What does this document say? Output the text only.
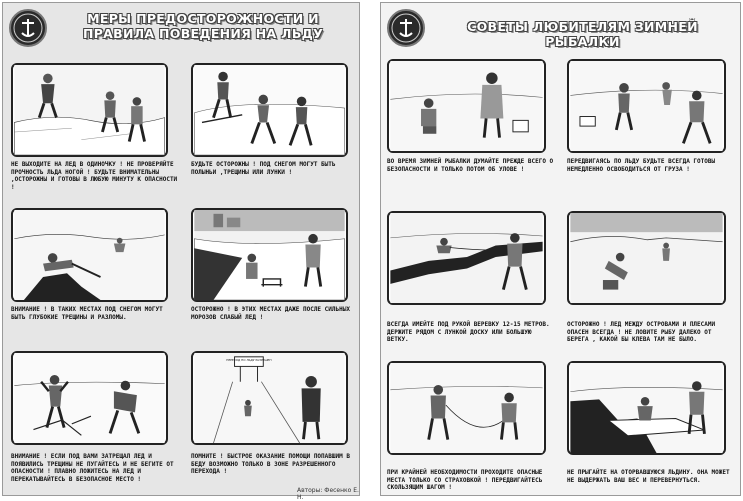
МЕРЫ ПРЕДОСТОРОЖНОСТИ И ПРАВИЛА ПОВЕДЕНИЯ НА ЛЬДУ
НЕ ВЫХОДИТЕ НА ЛЕД В ОДИНОЧКУ ! НЕ ПРОВЕРЯЙТЕ ПРОЧНОСТЬ ЛЬДА НОГОЙ ! БУДЬТЕ ВНИМАТЕЛЬНЫ ,ОСТОРОЖНЫ И ГОТОВЫ В ЛЮБУЮ МИНУТУ К ОПАСНОСТИ !
БУДЬТЕ ОСТОРОЖНЫ ! ПОД СНЕГОМ МОГУТ БЫТЬ ПОЛЫНЬИ ,ТРЕЩИНЫ ИЛИ ЛУНКИ !
ВНИМАНИЕ ! В ТАКИХ МЕСТАХ ПОД СНЕГОМ МОГУТ БЫТЬ ГЛУБОКИЕ ТРЕЩИНЫ И РАЗЛОМЫ.
ОСТОРОЖНО ! В ЭТИХ МЕСТАХ ДАЖЕ ПОСЛЕ СИЛЬНЫХ МОРОЗОВ СЛАБЫЙ ЛЕД !
ВНИМАНИЕ ! ЕСЛИ ПОД ВАМИ ЗАТРЕЩАЛ ЛЕД И ПОЯВИЛИСЬ ТРЕЩИНЫ НЕ ПУГАЙТЕСЬ И НЕ БЕГИТЕ ОТ ОПАСНОСТИ ! ПЛАВНО ЛОЖИТЕСЬ НА ЛЕД И ПЕРЕКАТЫВАЙТЕСЬ В БЕЗОПАСНОЕ МЕСТО !
ПЕРЕХОД ПО ЛЬДУ РАЗРЕШЕН
ПОМНИТЕ ! БЫСТРОЕ ОКАЗАНИЕ ПОМОЩИ ПОПАВШИМ В БЕДУ ВОЗМОЖНО ТОЛЬКО В ЗОНЕ РАЗРЕШЕННОГО ПЕРЕХОДА !
Авторы: Фесенко Е. Н.
СОВЕТЫ ЛЮБИТЕЛЯМ ЗИМНЕЙ РЫБАЛКИ
ВО ВРЕМЯ ЗИМНЕЙ РЫБАЛКИ ДУМАЙТЕ ПРЕЖДЕ ВСЕГО О БЕЗОПАСНОСТИ И ТОЛЬКО ПОТОМ ОБ УЛОВЕ !
ПЕРЕДВИГАЯСЬ ПО ЛЬДУ БУДЬТЕ ВСЕГДА ГОТОВЫ НЕМЕДЛЕННО ОСВОБОДИТЬСЯ ОТ ГРУЗА !
ВСЕГДА ИМЕЙТЕ ПОД РУКОЙ ВЕРЕВКУ 12-15 МЕТРОВ. ДЕРЖИТЕ РЯДОМ С ЛУНКОЙ ДОСКУ ИЛИ БОЛЬШУЮ ВЕТКУ.
ОСТОРОЖНО ! ЛЕД МЕЖДУ ОСТРОВАМИ И ПЛЕСАМИ ОПАСЕН ВСЕГДА ! НЕ ЛОВИТЕ РЫБУ ДАЛЕКО ОТ БЕРЕГА , КАКОЙ БЫ КЛЕВА ТАМ НЕ БЫЛО.
ПРИ КРАЙНЕЙ НЕОБХОДИМОСТИ ПРОХОДИТЕ ОПАСНЫЕ МЕСТА ТОЛЬКО СО СТРАХОВКОЙ ! ПЕРЕДВИГАЙТЕСЬ СКОЛЬЗЯЩИМ ШАГОМ !
НЕ ПРЫГАЙТЕ НА ОТОРВАВШУЮСЯ ЛЬДИНУ. ОНА МОЖЕТ НЕ ВЫДЕРЖАТЬ ВАШ ВЕС И ПЕРЕВЕРНУТЬСЯ.
